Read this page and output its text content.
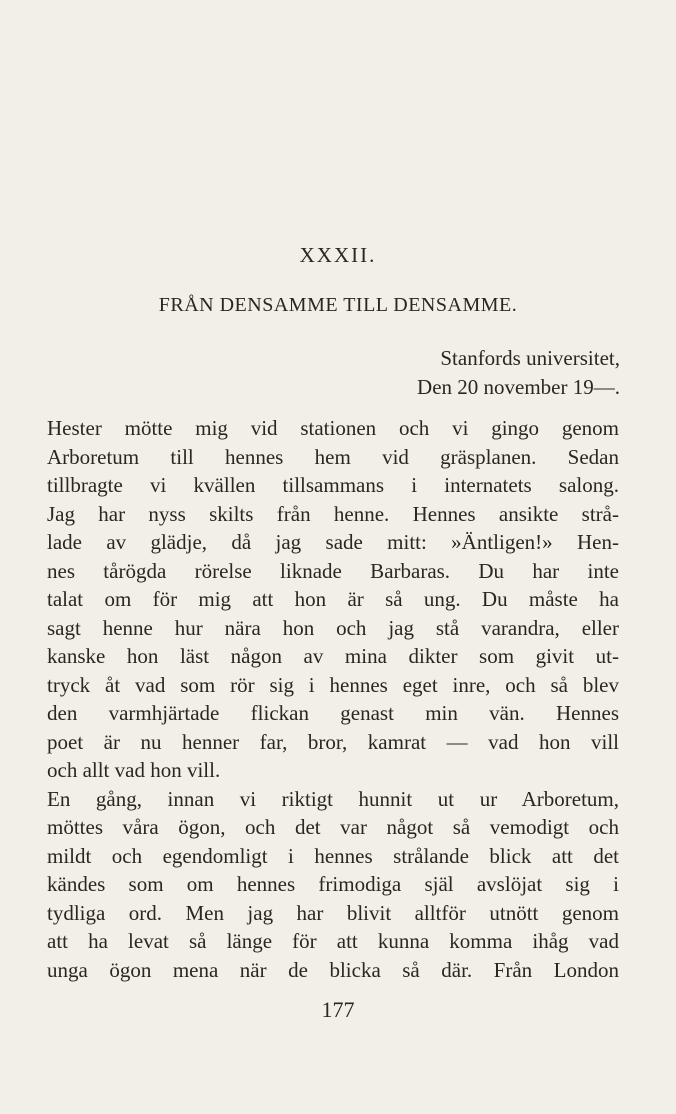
XXXII.
FRÅN DENSAMME TILL DENSAMME.
Stanfords universitet,
Den 20 november 19—.
Hester mötte mig vid stationen och vi gingo genom
Arboretum till hennes hem vid gräsplanen. Sedan
tillbragte vi kvällen tillsammans i internatets salong.
Jag har nyss skilts från henne. Hennes ansikte strå-
lade av glädje, då jag sade mitt: »Äntligen!» Hen-
nes tårögda rörelse liknade Barbaras. Du har inte
talat om för mig att hon är så ung. Du måste ha
sagt henne hur nära hon och jag stå varandra, eller
kanske hon läst någon av mina dikter som givit ut-
tryck åt vad som rör sig i hennes eget inre, och så blev
den varmhjärtade flickan genast min vän. Hennes
poet är nu henner far, bror, kamrat — vad hon vill
och allt vad hon vill.
En gång, innan vi riktigt hunnit ut ur Arboretum,
möttes våra ögon, och det var något så vemodigt och
mildt och egendomligt i hennes strålande blick att det
kändes som om hennes frimodiga själ avslöjat sig i
tydliga ord. Men jag har blivit alltför utnött genom
att ha levat så länge för att kunna komma ihåg vad
unga ögon mena när de blicka så där. Från London
177
